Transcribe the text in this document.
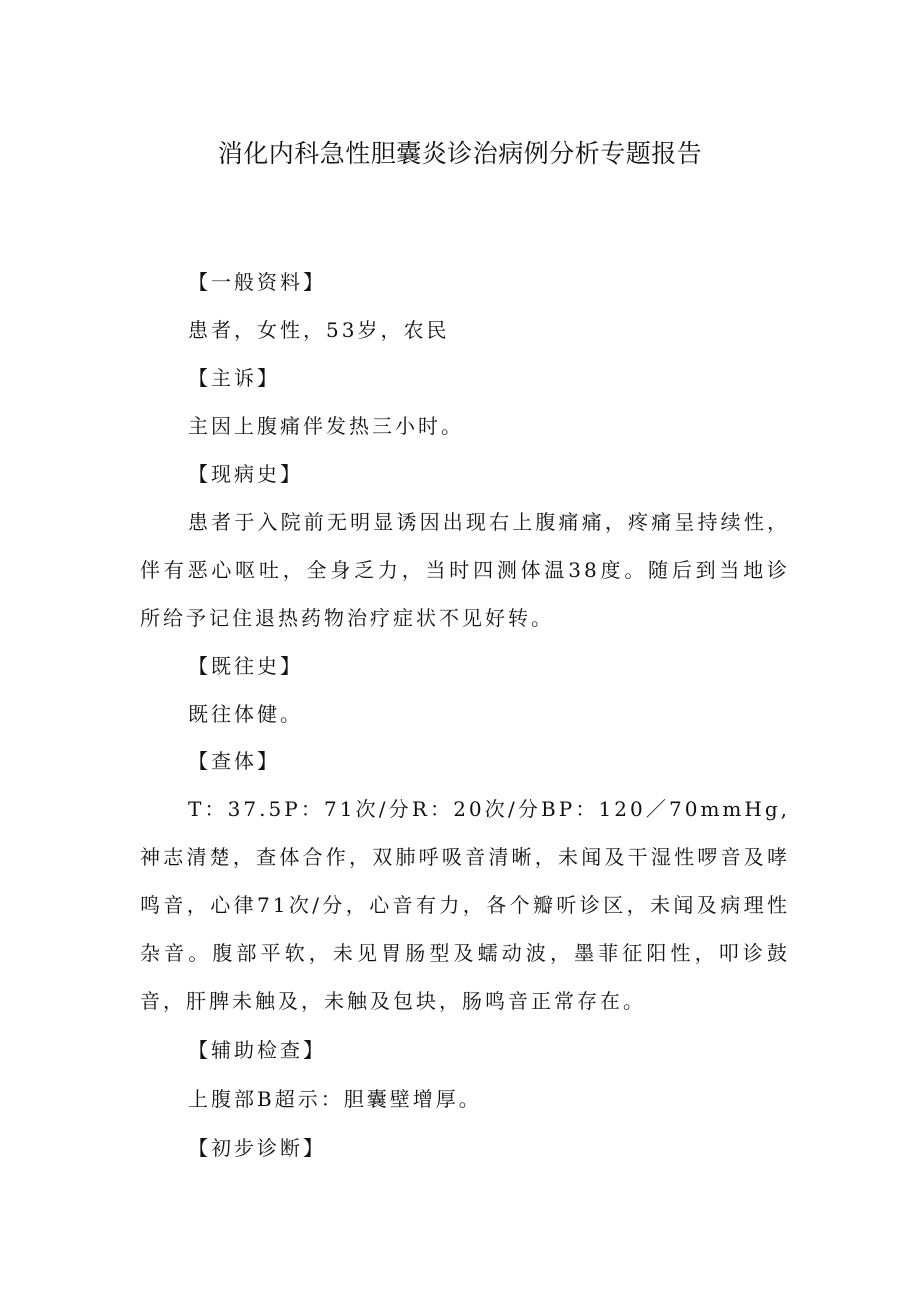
消化内科急性胆囊炎诊治病例分析专题报告
【一般资料】
患者，女性，53岁，农民
【主诉】
主因上腹痛伴发热三小时。
【现病史】

患者于入院前无明显诱因出现右上腹痛痛，疼痛呈持续性，伴有恶心呕吐，全身乏力，当时四测体温38度。随后到当地诊所给予记住退热药物治疗症状不见好转。

【既往史】
既往体健。
【查体】

T：37.5P：71次/分R：20次/分BP：120／70mmHg,神志清楚，查体合作，双肺呼吸音清晰，未闻及干湿性啰音及哮鸣音，心律71次/分，心音有力，各个瓣听诊区，未闻及病理性杂音。腹部平软，未见胃肠型及蠕动波，墨菲征阳性，叩诊鼓音，肝脾未触及，未触及包块，肠鸣音正常存在。

【辅助检查】
上腹部B超示：胆囊壁增厚。
【初步诊断】
